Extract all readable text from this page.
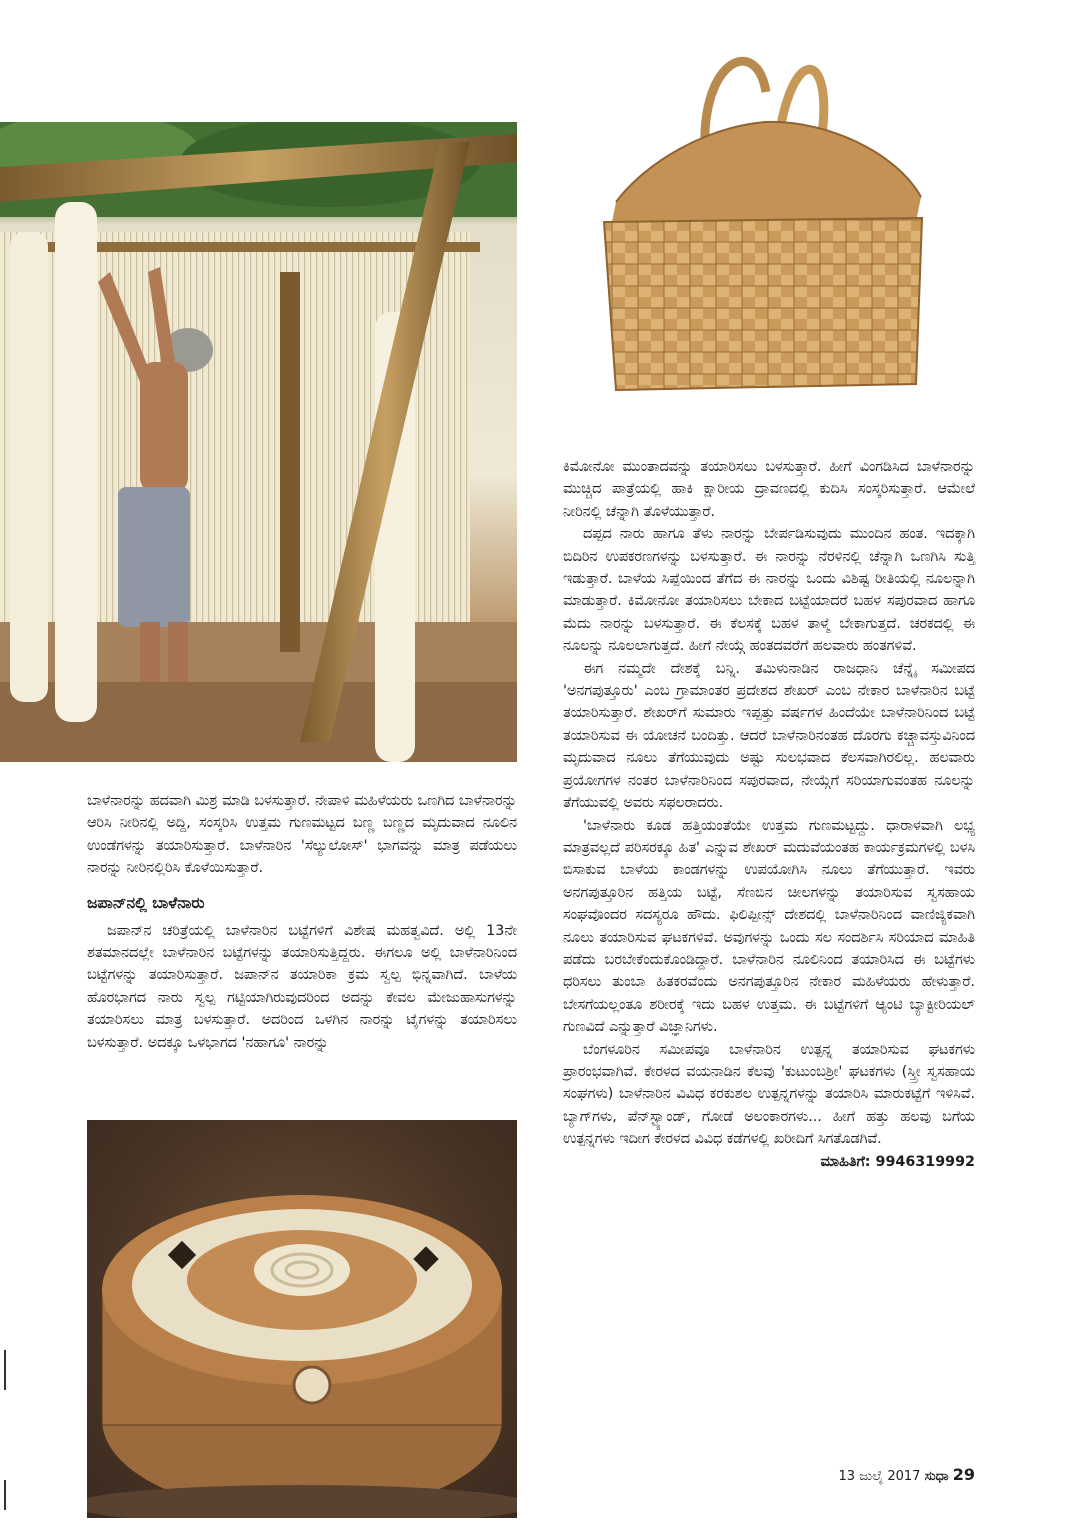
ಬಾಳೆನಾರನ್ನು ಹದವಾಗಿ ಮಿಶ್ರ ಮಾಡಿ ಬಳಸುತ್ತಾರೆ. ನೇಪಾಳಿ ಮಹಿಳೆಯರು ಒಣಗಿದ ಬಾಳೆನಾರನ್ನು ಆರಿಸಿ ನೀರಿನಲ್ಲಿ ಅದ್ದಿ, ಸಂಸ್ಕರಿಸಿ ಉತ್ತಮ ಗುಣಮಟ್ಟದ ಬಣ್ಣ ಬಣ್ಣದ ಮೃದುವಾದ ನೂಲಿನ ಉಂಡೆಗಳನ್ನು ತಯಾರಿಸುತ್ತಾರೆ. ಬಾಳೆನಾರಿನ 'ಸೆಲ್ಯುಲೋಸ್' ಭಾಗವನ್ನು ಮಾತ್ರ ಪಡೆಯಲು ನಾರನ್ನು ನೀರಿನಲ್ಲಿರಿಸಿ ಕೊಳೆಯಿಸುತ್ತಾರೆ.

ಜಪಾನ್‌ನಲ್ಲಿ ಬಾಳೆನಾರು

ಜಪಾನ್‌ನ ಚರಿತ್ರೆಯಲ್ಲಿ ಬಾಳೆನಾರಿನ ಬಟ್ಟೆಗಳಿಗೆ ವಿಶೇಷ ಮಹತ್ವವಿದೆ. ಅಲ್ಲಿ 13ನೇ ಶತಮಾನದಲ್ಲೇ ಬಾಳೆನಾರಿನ ಬಟ್ಟೆಗಳನ್ನು ತಯಾರಿಸುತ್ತಿದ್ದರು. ಈಗಲೂ ಅಲ್ಲಿ ಬಾಳೆನಾರಿನಿಂದ ಬಟ್ಟೆಗಳನ್ನು ತಯಾರಿಸುತ್ತಾರೆ. ಜಪಾನ್‌ನ ತಯಾರಿಕಾ ಕ್ರಮ ಸ್ವಲ್ಪ ಭಿನ್ನವಾಗಿದೆ. ಬಾಳೆಯ ಹೊರಭಾಗದ ನಾರು ಸ್ವಲ್ಪ ಗಟ್ಟಿಯಾಗಿರುವುದರಿಂದ ಅದನ್ನು ಕೇವಲ ಮೇಜುಹಾಸುಗಳನ್ನು ತಯಾರಿಸಲು ಮಾತ್ರ ಬಳಸುತ್ತಾರೆ. ಅದರಿಂದ ಒಳಗಿನ ನಾರನ್ನು ಟೈಗಳನ್ನು ತಯಾರಿಸಲು ಬಳಸುತ್ತಾರೆ. ಅದಕ್ಕೂ ಒಳಭಾಗದ 'ನಹಾಗೂ' ನಾರನ್ನು

ಕಿಮೋನೋ ಮುಂತಾದವನ್ನು ತಯಾರಿಸಲು ಬಳಸುತ್ತಾರೆ. ಹೀಗೆ ವಿಂಗಡಿಸಿದ ಬಾಳೆನಾರನ್ನು ಮುಚ್ಚಿದ ಪಾತ್ರೆಯಲ್ಲಿ ಹಾಕಿ ಕ್ಷಾರೀಯ ದ್ರಾವಣದಲ್ಲಿ ಕುದಿಸಿ ಸಂಸ್ಕರಿಸುತ್ತಾರೆ. ಆಮೇಲೆ ನೀರಿನಲ್ಲಿ ಚೆನ್ನಾಗಿ ತೊಳೆಯುತ್ತಾರೆ.

ದಪ್ಪದ ನಾರು ಹಾಗೂ ತೆಳು ನಾರನ್ನು ಬೇರ್ಪಡಿಸುವುದು ಮುಂದಿನ ಹಂತ. ಇದಕ್ಕಾಗಿ ಬಿದಿರಿನ ಉಪಕರಣಗಳನ್ನು ಬಳಸುತ್ತಾರೆ. ಈ ನಾರನ್ನು ನೆರಳಿನಲ್ಲಿ ಚೆನ್ನಾಗಿ ಒಣಗಿಸಿ ಸುತ್ತಿ ಇಡುತ್ತಾರೆ. ಬಾಳೆಯ ಸಿಪ್ಪೆಯಿಂದ ತೆಗೆದ ಈ ನಾರನ್ನು ಒಂದು ವಿಶಿಷ್ಟ ರೀತಿಯಲ್ಲಿ ನೂಲನ್ನಾಗಿ ಮಾಡುತ್ತಾರೆ. ಕಿಮೋನೋ ತಯಾರಿಸಲು ಬೇಕಾದ ಬಟ್ಟೆಯಾದರೆ ಬಹಳ ಸಪುರವಾದ ಹಾಗೂ ಮೆದು ನಾರನ್ನು ಬಳಸುತ್ತಾರೆ. ಈ ಕೆಲಸಕ್ಕೆ ಬಹಳ ತಾಳ್ಮೆ ಬೇಕಾಗುತ್ತದೆ. ಚರಕದಲ್ಲಿ ಈ ನೂಲನ್ನು ನೂಲಲಾಗುತ್ತದೆ. ಹೀಗೆ ನೇಯ್ಗೆ ಹಂತದವರೆಗೆ ಹಲವಾರು ಹಂತಗಳಿವೆ.

ಈಗ ನಮ್ಮದೇ ದೇಶಕ್ಕೆ ಬನ್ನಿ. ತಮಿಳುನಾಡಿನ ರಾಜಧಾನಿ ಚೆನ್ನೈ ಸಮೀಪದ 'ಅನಗಪುತ್ತೂರು' ಎಂಬ ಗ್ರಾಮಾಂತರ ಪ್ರದೇಶದ ಶೇಖರ್ ಎಂಬ ನೇಕಾರ ಬಾಳೆನಾರಿನ ಬಟ್ಟೆ ತಯಾರಿಸುತ್ತಾರೆ. ಶೇಖರ್‌ಗೆ ಸುಮಾರು ಇಪ್ಪತ್ತು ವರ್ಷಗಳ ಹಿಂದೆಯೇ ಬಾಳೆನಾರಿನಿಂದ ಬಟ್ಟೆ ತಯಾರಿಸುವ ಈ ಯೋಚನೆ ಬಂದಿತ್ತು. ಆದರೆ ಬಾಳೆನಾರಿನಂತಹ ದೊರಗು ಕಚ್ಚಾವಸ್ತುವಿನಿಂದ ಮೃದುವಾದ ನೂಲು ತೆಗೆಯುವುದು ಅಷ್ಟು ಸುಲಭವಾದ ಕೆಲಸವಾಗಿರಲಿಲ್ಲ. ಹಲವಾರು ಪ್ರಯೋಗಗಳ ನಂತರ ಬಾಳೆನಾರಿನಿಂದ ಸಪುರವಾದ, ನೇಯ್ಗೆಗೆ ಸರಿಯಾಗುವಂತಹ ನೂಲನ್ನು ತೆಗೆಯುವಲ್ಲಿ ಅವರು ಸಫಲರಾದರು.

'ಬಾಳೆನಾರು ಕೂಡ ಹತ್ತಿಯಂತೆಯೇ ಉತ್ತಮ ಗುಣಮಟ್ಟದ್ದು. ಧಾರಾಳವಾಗಿ ಲಭ್ಯ ಮಾತ್ರವಲ್ಲದೆ ಪರಿಸರಕ್ಕೂ ಹಿತ' ಎನ್ನುವ ಶೇಖರ್ ಮದುವೆಯಂತಹ ಕಾರ್ಯಕ್ರಮಗಳಲ್ಲಿ ಬಳಸಿ ಬಿಸಾಕುವ ಬಾಳೆಯ ಕಾಂಡಗಳನ್ನು ಉಪಯೋಗಿಸಿ ನೂಲು ತೆಗೆಯುತ್ತಾರೆ. ಇವರು ಅನಗಪುತ್ತೂರಿನ ಹತ್ತಿಯ ಬಟ್ಟೆ, ಸೆಣಬಿನ ಚೀಲಗಳನ್ನು ತಯಾರಿಸುವ ಸ್ವಸಹಾಯ ಸಂಘವೊಂದರ ಸದಸ್ಯರೂ ಹೌದು. ಫಿಲಿಪ್ಪೀನ್ಸ್ ದೇಶದಲ್ಲಿ ಬಾಳೆನಾರಿನಿಂದ ವಾಣಿಜ್ಯಿಕವಾಗಿ ನೂಲು ತಯಾರಿಸುವ ಘಟಕಗಳಿವೆ. ಅವುಗಳನ್ನು ಒಂದು ಸಲ ಸಂದರ್ಶಿಸಿ ಸರಿಯಾದ ಮಾಹಿತಿ ಪಡೆದು ಬರಬೇಕೆಂದುಕೊಂಡಿದ್ದಾರೆ. ಬಾಳೆನಾರಿನ ನೂಲಿನಿಂದ ತಯಾರಿಸಿದ ಈ ಬಟ್ಟೆಗಳು ಧರಿಸಲು ತುಂಬಾ ಹಿತಕರವೆಂದು ಅನಗಪುತ್ತೂರಿನ ನೇಕಾರ ಮಹಿಳೆಯರು ಹೇಳುತ್ತಾರೆ. ಬೇಸಗೆಯಲ್ಲಂತೂ ಶರೀರಕ್ಕೆ ಇದು ಬಹಳ ಉತ್ತಮ. ಈ ಬಟ್ಟೆಗಳಿಗೆ ಆ್ಯಂಟಿ ಬ್ಯಾಕ್ಟೀರಿಯಲ್ ಗುಣವಿದೆ ಎನ್ನುತ್ತಾರೆ ವಿಜ್ಞಾನಿಗಳು.

ಬೆಂಗಳೂರಿನ ಸಮೀಪವೂ ಬಾಳೆನಾರಿನ ಉತ್ಪನ್ನ ತಯಾರಿಸುವ ಘಟಕಗಳು ಪ್ರಾರಂಭವಾಗಿವೆ. ಕೇರಳದ ವಯನಾಡಿನ ಕೆಲವು 'ಕುಟುಂಬಶ್ರೀ' ಘಟಕಗಳು (ಸ್ತ್ರೀ ಸ್ವಸಹಾಯ ಸಂಘಗಳು) ಬಾಳೆನಾರಿನ ವಿವಿಧ ಕರಕುಶಲ ಉತ್ಪನ್ನಗಳನ್ನು ತಯಾರಿಸಿ ಮಾರುಕಟ್ಟೆಗೆ ಇಳಿಸಿವೆ. ಬ್ಯಾಗ್‌ಗಳು, ಪೆನ್‌ಸ್ಟ್ಯಾಂಡ್, ಗೋಡೆ ಅಲಂಕಾರಗಳು... ಹೀಗೆ ಹತ್ತು ಹಲವು ಬಗೆಯ ಉತ್ಪನ್ನಗಳು ಇದೀಗ ಕೇರಳದ ವಿವಿಧ ಕಡೆಗಳಲ್ಲಿ ಖರೀದಿಗೆ ಸಿಗತೊಡಗಿವೆ.

ಮಾಹಿತಿಗೆ: 9946319992

13 ಜುಲೈ 2017 ಸುಧಾ 29
